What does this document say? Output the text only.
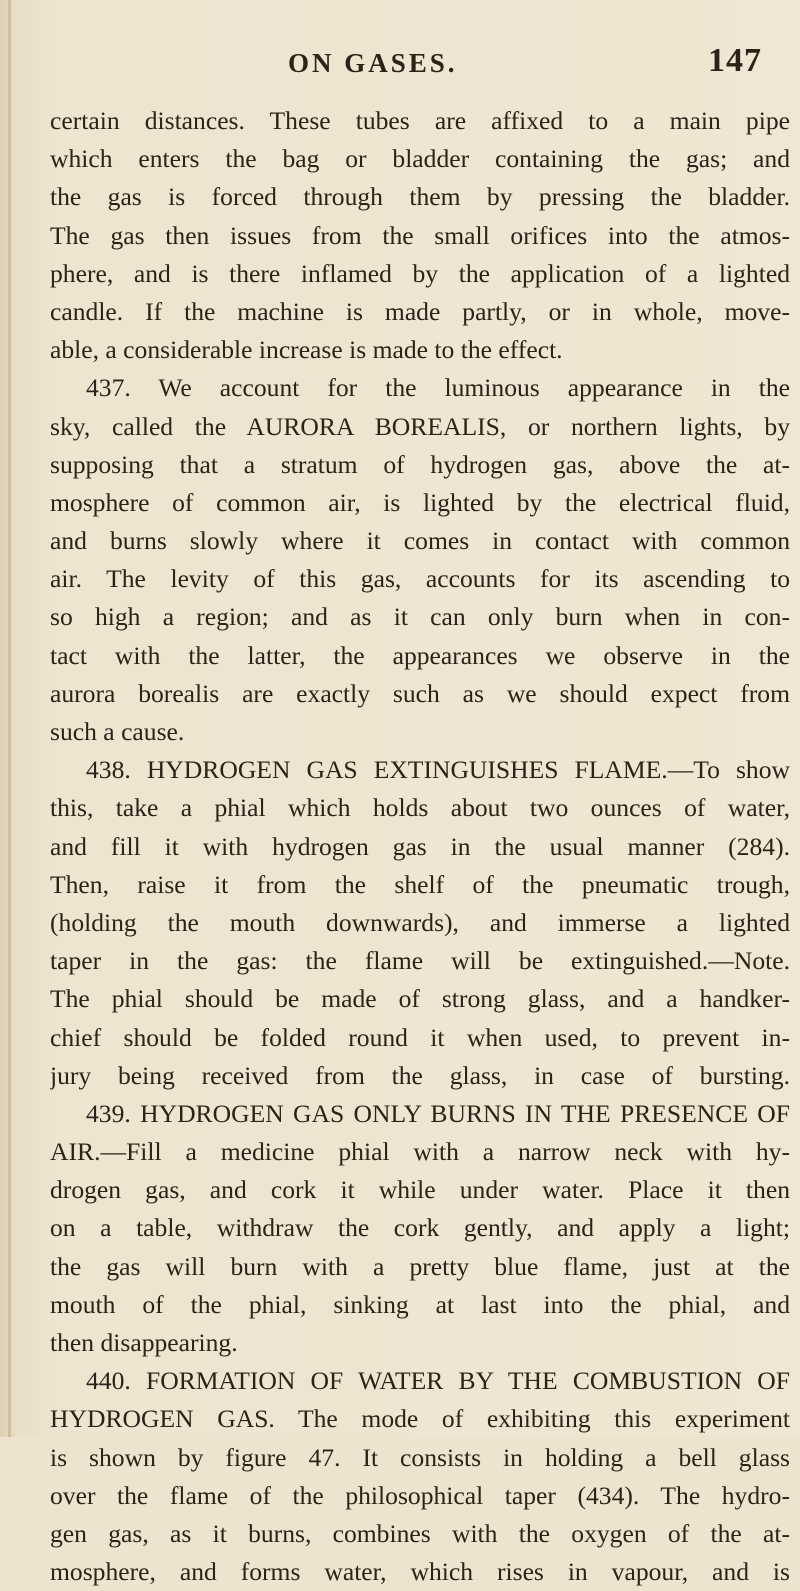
ON GASES.	147
certain distances. These tubes are affixed to a main pipe
which enters the bag or bladder containing the gas; and
the gas is forced through them by pressing the bladder.
The gas then issues from the small orifices into the atmos-
phere, and is there inflamed by the application of a lighted
candle. If the machine is made partly, or in whole, move-
able, a considerable increase is made to the effect.
437. We account for the luminous appearance in the
sky, called the AURORA BOREALIS, or northern lights, by
supposing that a stratum of hydrogen gas, above the at-
mosphere of common air, is lighted by the electrical fluid,
and burns slowly where it comes in contact with common
air. The levity of this gas, accounts for its ascending to
so high a region; and as it can only burn when in con-
tact with the latter, the appearances we observe in the
aurora borealis are exactly such as we should expect from
such a cause.
438. HYDROGEN GAS EXTINGUISHES FLAME.—To show
this, take a phial which holds about two ounces of water,
and fill it with hydrogen gas in the usual manner (284).
Then, raise it from the shelf of the pneumatic trough,
(holding the mouth downwards), and immerse a lighted
taper in the gas: the flame will be extinguished.—Note.
The phial should be made of strong glass, and a handker-
chief should be folded round it when used, to prevent in-
jury being received from the glass, in case of bursting.
439. HYDROGEN GAS ONLY BURNS IN THE PRESENCE OF
AIR.—Fill a medicine phial with a narrow neck with hy-
drogen gas, and cork it while under water. Place it then
on a table, withdraw the cork gently, and apply a light;
the gas will burn with a pretty blue flame, just at the
mouth of the phial, sinking at last into the phial, and
then disappearing.
440. FORMATION OF WATER BY THE COMBUSTION OF
HYDROGEN GAS. The mode of exhibiting this experiment
is shown by figure 47. It consists in holding a bell glass
over the flame of the philosophical taper (434). The hydro-
gen gas, as it burns, combines with the oxygen of the at-
mosphere, and forms water, which rises in vapour, and is
